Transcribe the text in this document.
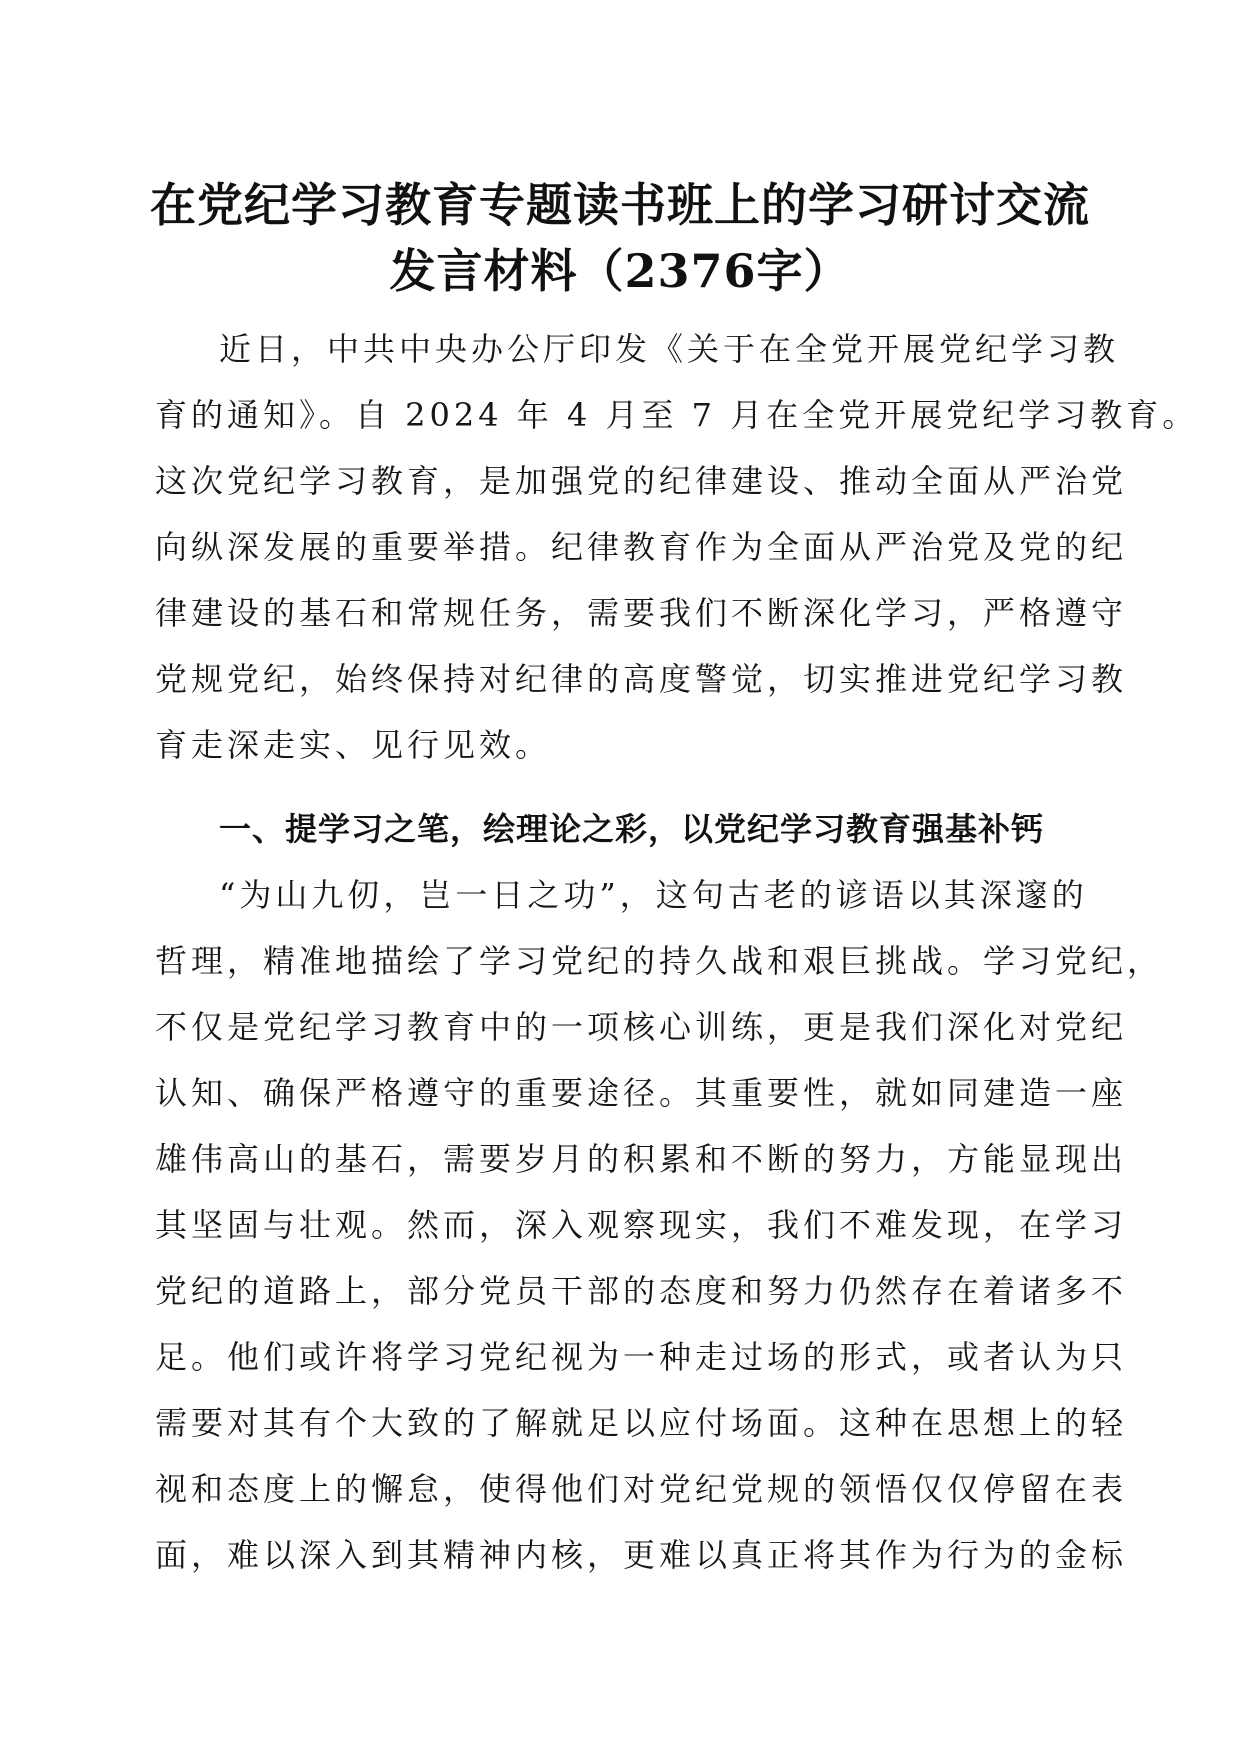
在党纪学习教育专题读书班上的学习研讨交流
发言材料（2376字）

近日，中共中央办公厅印发《关于在全党开展党纪学习教
育的通知》。自 2024 年 4 月至 7 月在全党开展党纪学习教育。
这次党纪学习教育，是加强党的纪律建设、推动全面从严治党
向纵深发展的重要举措。纪律教育作为全面从严治党及党的纪
律建设的基石和常规任务，需要我们不断深化学习，严格遵守
党规党纪，始终保持对纪律的高度警觉，切实推进党纪学习教
育走深走实、见行见效。

一、提学习之笔，绘理论之彩，以党纪学习教育强基补钙

“为山九仞，岂一日之功”，这句古老的谚语以其深邃的
哲理，精准地描绘了学习党纪的持久战和艰巨挑战。学习党纪，
不仅是党纪学习教育中的一项核心训练，更是我们深化对党纪
认知、确保严格遵守的重要途径。其重要性，就如同建造一座
雄伟高山的基石，需要岁月的积累和不断的努力，方能显现出
其坚固与壮观。然而，深入观察现实，我们不难发现，在学习
党纪的道路上，部分党员干部的态度和努力仍然存在着诸多不
足。他们或许将学习党纪视为一种走过场的形式，或者认为只
需要对其有个大致的了解就足以应付场面。这种在思想上的轻
视和态度上的懈怠，使得他们对党纪党规的领悟仅仅停留在表
面，难以深入到其精神内核，更难以真正将其作为行为的金标
